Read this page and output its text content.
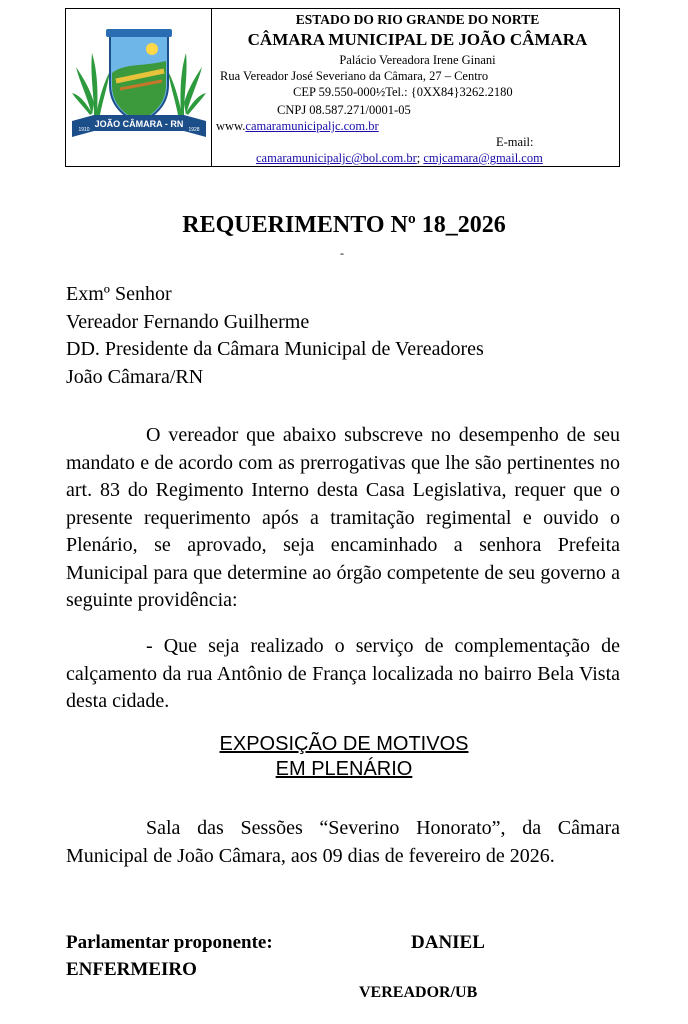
JOÃO CÂMARA - RN
1910	1928
ESTADO DO RIO GRANDE DO NORTE
CÂMARA MUNICIPAL DE JOÃO CÂMARA
Palácio Vereadora Irene Ginani
Rua Vereador José Severiano da Câmara, 27 – Centro
CEP 59.550-000½Tel.: {0XX84}3262.2180
CNPJ 08.587.271/0001-05
www.camaramunicipaljc.com.br
E-mail:
camaramunicipaljc@bol.com.br; cmjcamara@gmail.com
REQUERIMENTO Nº 18_2026
-
Exmº Senhor
Vereador Fernando Guilherme
DD. Presidente da Câmara Municipal de Vereadores
João Câmara/RN

O vereador que abaixo subscreve no desempenho de seu mandato e de acordo com as prerrogativas que lhe são pertinentes no art. 83 do Regimento Interno desta Casa Legislativa, requer que o presente requerimento após a tramitação regimental e ouvido o Plenário, se aprovado, seja encaminhado a senhora Prefeita Municipal para que determine ao órgão competente de seu governo a seguinte providência:

- Que seja realizado o serviço de complementação de calçamento da rua Antônio de França localizada no bairro Bela Vista desta cidade.

EXPOSIÇÃO DE MOTIVOS
EM PLENÁRIO

Sala das Sessões “Severino Honorato”, da Câmara Municipal de João Câmara, aos 09 dias de fevereiro de 2026.

Parlamentar proponente:
ENFERMEIRO
DANIEL
VEREADOR/UB
